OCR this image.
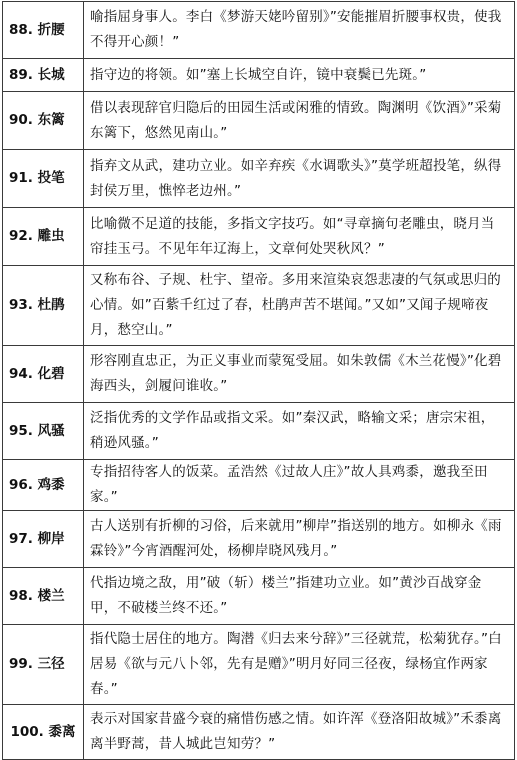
88. 折腰	喻指屈身事人。李白《梦游天姥吟留别》”安能摧眉折腰事权贵，使我不得开心颜！”
89. 长城	指守边的将领。如”塞上长城空自许，镜中衰鬓已先斑。”
90. 东篱	借以表现辞官归隐后的田园生活或闲雅的情致。陶渊明《饮酒》”采菊东篱下，悠然见南山。”
91. 投笔	指弃文从武，建功立业。如辛弃疾《水调歌头》”莫学班超投笔，纵得封侯万里，憔悴老边州。”
92. 雕虫	比喻微不足道的技能，多指文字技巧。如“寻章摘句老雕虫，晓月当帘挂玉弓。不见年年辽海上，文章何处哭秋风？”
93. 杜鹃	又称布谷、子规、杜宇、望帝。多用来渲染哀怨悲凄的气氛或思归的心情。如”百紫千红过了春，杜鹃声苦不堪闻。”又如”又闻子规啼夜月，愁空山。”
94. 化碧	形容刚直忠正，为正义事业而蒙冤受屈。如朱敦儒《木兰花慢》”化碧海西头，剑履问谁收。”
95. 风骚	泛指优秀的文学作品或指文采。如”秦汉武，略输文采；唐宗宋祖，稍逊风骚。”
96. 鸡黍	专指招待客人的饭菜。孟浩然《过故人庄》”故人具鸡黍，邀我至田家。”
97. 柳岸	古人送别有折柳的习俗，后来就用”柳岸”指送别的地方。如柳永《雨霖铃》”今宵酒醒河处，杨柳岸晓风残月。”
98. 楼兰	代指边境之敌，用”破（斩）楼兰”指建功立业。如”黄沙百战穿金甲，不破楼兰终不还。”
99. 三径	指代隐士居住的地方。陶潜《归去来兮辞》”三径就荒，松菊犹存。”白居易《欲与元八卜邻，先有是赠》”明月好同三径夜，绿杨宜作两家春。”
100. 黍离	表示对国家昔盛今衰的痛惜伤感之情。如许浑《登洛阳故城》”禾黍离离半野蒿，昔人城此岂知劳？”
